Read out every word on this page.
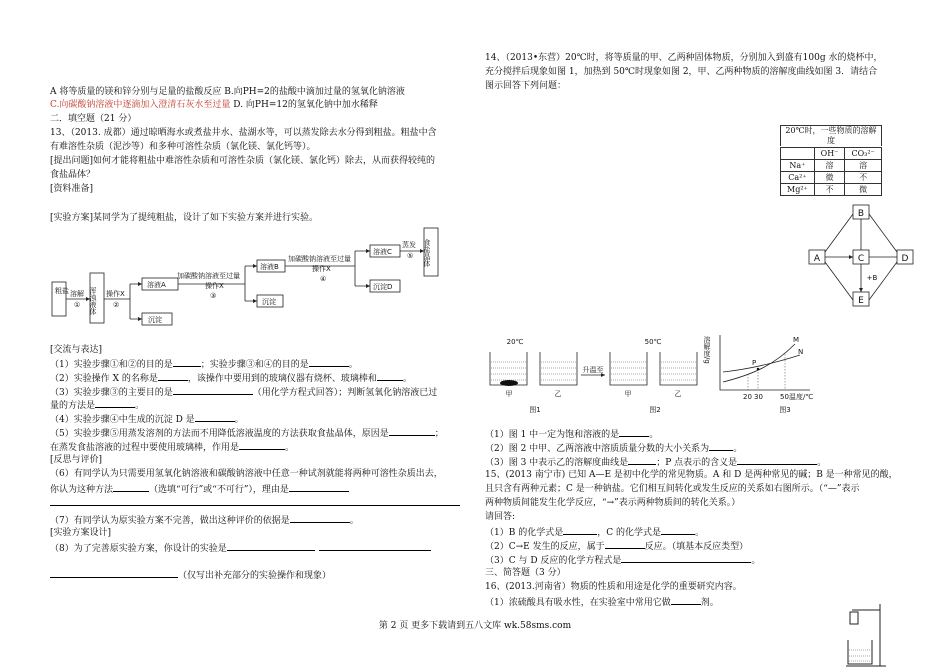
A 将等质量的镁和锌分别与足量的盐酸反应 B.向PH=2的盐酸中滴加过量的氢氧化钠溶液
C.向碳酸钠溶液中逐滴加入澄清石灰水至过量 D. 向PH=12的氢氧化钠中加水稀释
二．填空题（21 分）
13、（2013. 成都）通过晾晒海水或煮盐井水、盐湖水等，可以蒸发除去水分得到粗盐。粗盐中含
有难溶性杂质（泥沙等）和多种可溶性杂质（氯化镁、氯化钙等）。
[提出问题]如何才能将粗盐中难溶性杂质和可溶性杂质（氯化镁、氯化钙）除去，从而获得较纯的
食盐晶体？
[资料准备]
[实验方案]某同学为了提纯粗盐，设计了如下实验方案并进行实验。
粗盐 溶解
① 浑浊液体 操作X
②
溶液A
沉淀
加碳酸钠溶液至过量
操作X
③
溶液B
沉淀
加碳酸钠溶液至过量
操作X
④
溶液C
沉淀D
蒸发
⑤ 食盐晶体
[交流与表达]
（1）实验步骤①和②的目的是	；实验步骤③和④的目的是	。
（2）实验操作 X 的名称是	，该操作中要用到的玻璃仪器有烧杯、玻璃棒和	。
（3）实验步骤③的主要目的是	（用化学方程式回答）；判断氢氧化钠溶液已过
量的方法是	。
（4）实验步骤④中生成的沉淀 D 是	。
（5）实验步骤⑤用蒸发溶剂的方法而不用降低溶液温度的方法获取食盐晶体，原因是	；
在蒸发食盐溶液的过程中要使用玻璃棒，作用是	。
[反思与评价]
（6）有同学认为只需要用氢氧化钠溶液和碳酸钠溶液中任意一种试剂就能将两种可溶性杂质出去，
你认为这种方法	（选填“可行”或“不可行”），理由是
（7）有同学认为原实验方案不完善，做出这种评价的依据是	。
[实验方案设计]
（8）为了完善原实验方案，你设计的实验是
（仅写出补充部分的实验操作和现象）
14、（2013•东营）20℃时，将等质量的甲、乙两种固体物质，分别加入到盛有100g 水的烧杯中，
充分搅拌后现象如图 1，加热到 50℃时现象如图 2，甲、乙两种物质的溶解度曲线如图 3．请结合
图示回答下列问题：
20℃时，一些物质的溶解
度
	OH⁻	CO₃²⁻
Na⁺	溶	溶
Ca²⁺	微	不
Mg²⁺	不	微
B
A	C	D
E
+B
20℃	50℃
升温至
甲	乙	甲	乙
图1	图2	图3
溶解度/g	M
N
P
20 30 50 温度/℃
（1）图 1 中一定为饱和溶液的是	。
（2）图 2 中甲、乙两溶液中溶质质量分数的大小关系为	。
（3）图 3 中表示乙的溶解度曲线是	；P 点表示的含义是	。
15、(2013 南宁市) 已知 A—E 是初中化学的常见物质。A 和 D 是两种常见的碱；B 是一种常见的酸，
且只含有两种元素；C 是一种钠盐。它们相互间转化或发生反应的关系如右图所示。（“—”表示
两种物质间能发生化学反应，“→”表示两种物质间的转化关系。）
请回答:
（1）B 的化学式是	，C 的化学式是	。
（2）C→E 发生的反应，属于	反应。（填基本反应类型）
（3）C 与 D 反应的化学方程式是	。
三、简答题（3 分）
16、(2013.河南省）物质的性质和用途是化学的重要研究内容。
（1）浓硫酸具有吸水性，在实验室中常用它做	剂。
第 2 页 更多下载请到五八文库 wk.58sms.com
